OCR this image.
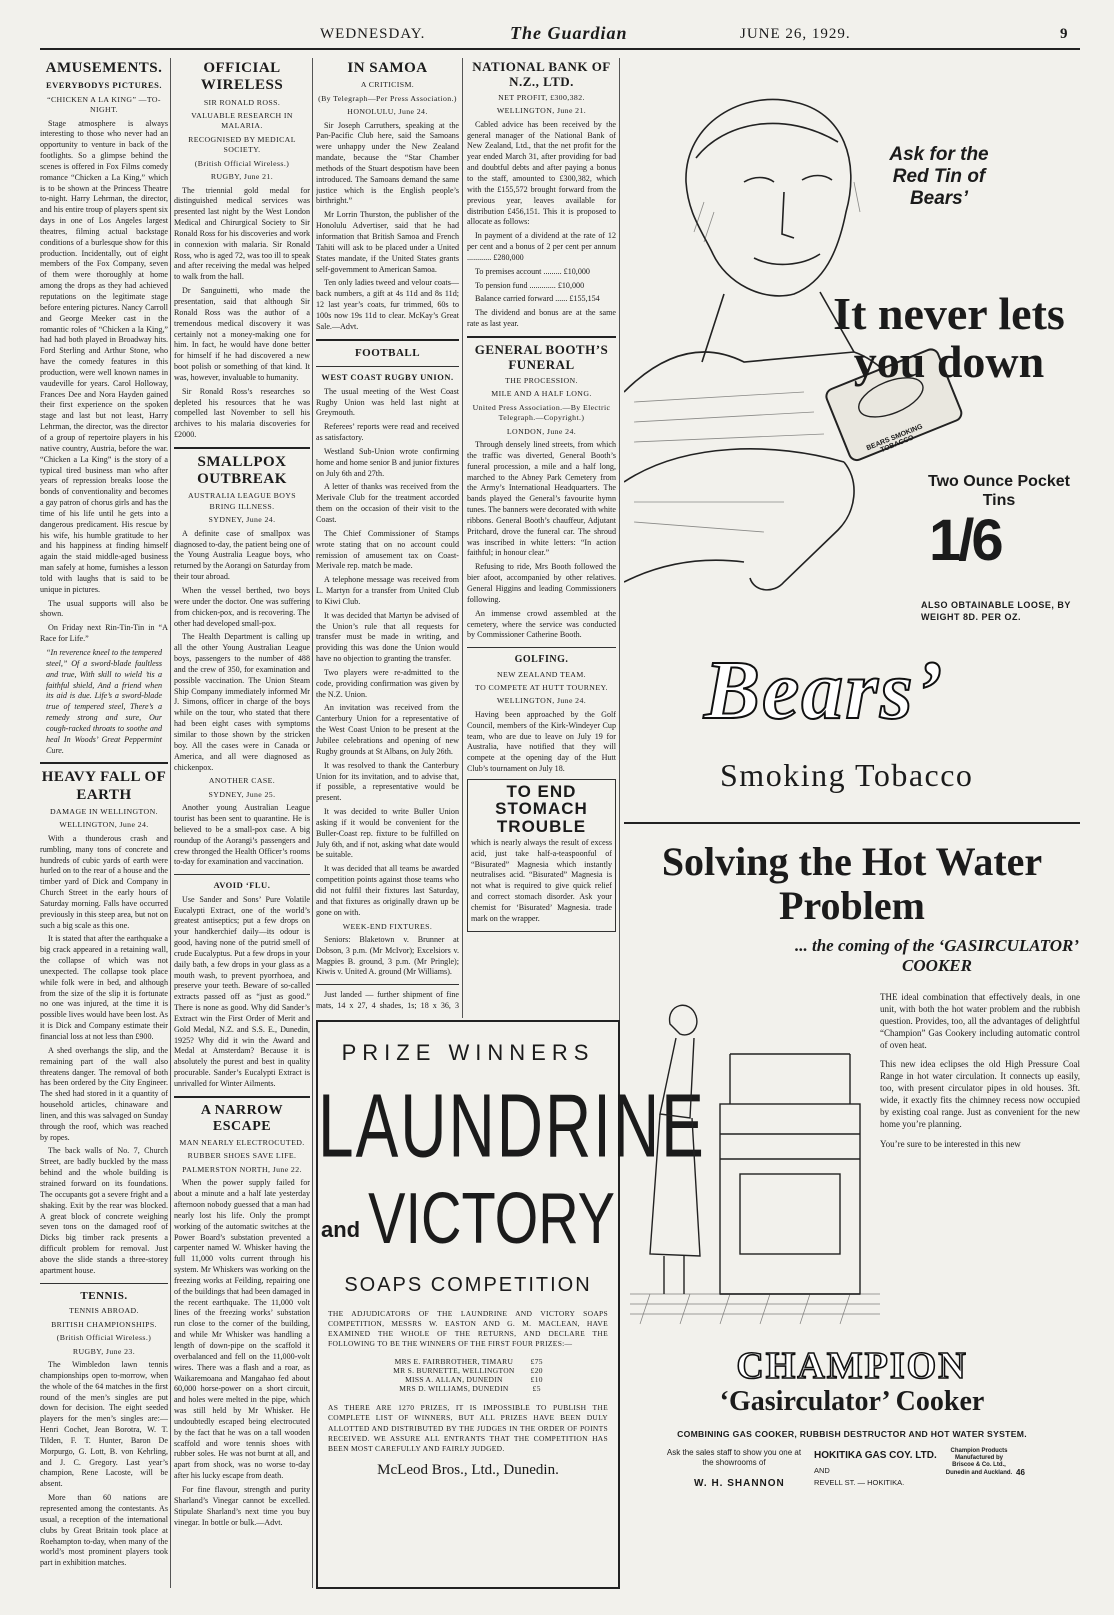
WEDNESDAY.	The Guardian	JUNE 26, 1929.	9
AMUSEMENTS.
EVERYBODYS PICTURES.
“CHICKEN A LA KING” —TO-NIGHT.

Stage atmosphere is always interesting to those who never had an opportunity to venture in back of the footlights. So a glimpse behind the scenes is offered in Fox Films comedy romance “Chicken a La King,” which is to be shown at the Princess Theatre to-night. Harry Lehrman, the director, and his entire troup of players spent six days in one of Los Angeles largest theatres, filming actual backstage conditions of a burlesque show for this production. Incidentally, out of eight members of the Fox Company, seven of them were thoroughly at home among the drops as they had achieved reputations on the legitimate stage before entering pictures. Nancy Carroll and George Meeker cast in the romantic roles of “Chicken a la King,” had had both played in Broadway hits. Ford Sterling and Arthur Stone, who have the comedy features in this production, were well known names in vaudeville for years. Carol Holloway, Frances Dee and Nora Hayden gained their first experience on the spoken stage and last but not least, Harry Lehrman, the director, was the director of a group of repertoire players in his native country, Austria, before the war. “Chicken a La King” is the story of a typical tired business man who after years of repression breaks loose the bonds of conventionality and becomes a gay patron of chorus girls and has the time of his life until he gets into a dangerous predicament. His rescue by his wife, his humble gratitude to her and his happiness at finding himself again the staid middle-aged business man safely at home, furnishes a lesson told with laughs that is said to be unique in pictures.

The usual supports will also be shown.

On Friday next Rin-Tin-Tin in “A Race for Life.”

“In reverence kneel to the tempered steel,” Of a sword-blade faultless and true, With skill to wield ’tis a faithful shield, And a friend when its aid is due. Life’s a sword-blade true of tempered steel, There’s a remedy strong and sure, Our cough-racked throats to soothe and heal In Woods’ Great Peppermint Cure.

HEAVY FALL OF EARTH
DAMAGE IN WELLINGTON.
WELLINGTON, June 24.

With a thunderous crash and rumbling, many tons of concrete and hundreds of cubic yards of earth were hurled on to the rear of a house and the timber yard of Dick and Company in Church Street in the early hours of Saturday morning. Falls have occurred previously in this steep area, but not on such a big scale as this one.

It is stated that after the earthquake a big crack appeared in a retaining wall, the collapse of which was not unexpected. The collapse took place while folk were in bed, and although from the size of the slip it is fortunate no one was injured, at the time it is possible lives would have been lost. As it is Dick and Company estimate their financial loss at not less than £900.

A shed overhangs the slip, and the remaining part of the wall also threatens danger. The removal of both has been ordered by the City Engineer. The shed had stored in it a quantity of household articles, chinaware and linen, and this was salvaged on Sunday through the roof, which was reached by ropes.

The back walls of No. 7, Church Street, are badly buckled by the mass behind and the whole building is strained forward on its foundations. The occupants got a severe fright and a shaking. Exit by the rear was blocked. A great block of concrete weighing seven tons on the damaged roof of Dicks big timber rack presents a difficult problem for removal. Just above the slide stands a three-storey apartment house.

TENNIS.
TENNIS ABROAD.
BRITISH CHAMPIONSHIPS.
(British Official Wireless.)
RUGBY, June 23.

The Wimbledon lawn tennis championships open to-morrow, when the whole of the 64 matches in the first round of the men’s singles are put down for decision. The eight seeded players for the men’s singles are:—Henri Cochet, Jean Borotra, W. T. Tilden, F. T. Hunter, Baron De Morpurgo, G. Lott, B. von Kehrling, and J. C. Gregory. Last year’s champion, Rene Lacoste, will be absent.

More than 60 nations are represented among the contestants. As usual, a reception of the international clubs by Great Britain took place at Roehampton to-day, when many of the world’s most prominent players took part in exhibition matches.

OFFICIAL WIRELESS
SIR RONALD ROSS.
VALUABLE RESEARCH IN MALARIA.
RECOGNISED BY MEDICAL SOCIETY.
(British Official Wireless.)
RUGBY, June 21.

The triennial gold medal for distinguished medical services was presented last night by the West London Medical and Chirurgical Society to Sir Ronald Ross for his discoveries and work in connexion with malaria. Sir Ronald Ross, who is aged 72, was too ill to speak and after receiving the medal was helped to walk from the hall.

Dr Sanguinetti, who made the presentation, said that although Sir Ronald Ross was the author of a tremendous medical discovery it was certainly not a money-making one for him. In fact, he would have done better for himself if he had discovered a new boot polish or something of that kind. It was, however, invaluable to humanity.

Sir Ronald Ross’s researches so depleted his resources that he was compelled last November to sell his archives to his malaria discoveries for £2000.

SMALLPOX OUTBREAK
AUSTRALIA LEAGUE BOYS BRING ILLNESS.
SYDNEY, June 24.

A definite case of smallpox was diagnosed to-day, the patient being one of the Young Australia League boys, who returned by the Aorangi on Saturday from their tour abroad.

When the vessel berthed, two boys were under the doctor. One was suffering from chicken-pox, and is recovering. The other had developed small-pox.

The Health Department is calling up all the other Young Australian League boys, passengers to the number of 488 and the crew of 350, for examination and possible vaccination. The Union Steam Ship Company immediately informed Mr J. Simons, officer in charge of the boys while on the tour, who stated that there had been eight cases with symptoms similar to those shown by the stricken boy. All the cases were in Canada or America, and all were diagnosed as chickenpox.

ANOTHER CASE.
SYDNEY, June 25.

Another young Australian League tourist has been sent to quarantine. He is believed to be a small-pox case. A big roundup of the Aorangi’s passengers and crew thronged the Health Officer’s rooms to-day for examination and vaccination.

AVOID ‘FLU.

Use Sander and Sons’ Pure Volatile Eucalypti Extract, one of the world’s greatest antiseptics; put a few drops on your handkerchief daily—its odour is good, having none of the putrid smell of crude Eucalyptus. Put a few drops in your daily bath, a few drops in your glass as a mouth wash, to prevent pyorrhoea, and preserve your teeth. Beware of so-called extracts passed off as “just as good.” There is none as good. Why did Sander’s Extract win the First Order of Merit and Gold Medal, N.Z. and S.S. E., Dunedin, 1925? Why did it win the Award and Medal at Amsterdam? Because it is absolutely the purest and best in quality procurable. Sander’s Eucalypti Extract is unrivalled for Winter Ailments.

A NARROW ESCAPE
MAN NEARLY ELECTROCUTED.
RUBBER SHOES SAVE LIFE.
PALMERSTON NORTH, June 22.

When the power supply failed for about a minute and a half late yesterday afternoon nobody guessed that a man had nearly lost his life. Only the prompt working of the automatic switches at the Power Board’s substation prevented a carpenter named W. Whisker having the full 11,000 volts current through his system. Mr Whiskers was working on the freezing works at Feilding, repairing one of the buildings that had been damaged in the recent earthquake. The 11,000 volt lines of the freezing works’ substation run close to the corner of the building, and while Mr Whisker was handling a length of down-pipe on the scaffold it overbalanced and fell on the 11,000-volt wires. There was a flash and a roar, as Waikaremoana and Mangahao fed about 60,000 horse-power on a short circuit, and holes were melted in the pipe, which was still held by Mr Whisker. He undoubtedly escaped being electrocuted by the fact that he was on a tall wooden scaffold and wore tennis shoes with rubber soles. He was not burnt at all, and apart from shock, was no worse to-day after his lucky escape from death.

For fine flavour, strength and purity Sharland’s Vinegar cannot be excelled. Stipulate Sharland’s next time you buy vinegar. In bottle or bulk.—Advt.

IN SAMOA
A CRITICISM.
(By Telegraph—Per Press Association.)
HONOLULU, June 24.

Sir Joseph Carruthers, speaking at the Pan-Pacific Club here, said the Samoans were unhappy under the New Zealand mandate, because the “Star Chamber methods of the Stuart despotism have been introduced. The Samoans demand the same justice which is the English people’s birthright.”

Mr Lorrin Thurston, the publisher of the Honolulu Advertiser, said that he had information that British Samoa and French Tahiti will ask to be placed under a United States mandate, if the United States grants self-government to American Samoa.

Ten only ladies tweed and velour coats—back numbers, a gift at 4s 11d and 8s 11d; 12 last year’s coats, fur trimmed, 60s to 100s now 19s 11d to clear. McKay’s Great Sale.—Advt.

FOOTBALL
WEST COAST RUGBY UNION.

The usual meeting of the West Coast Rugby Union was held last night at Greymouth.

Referees’ reports were read and received as satisfactory.

Westland Sub-Union wrote confirming home and home senior B and junior fixtures on July 6th and 27th.

A letter of thanks was received from the Merivale Club for the treatment accorded them on the occasion of their visit to the Coast.

The Chief Commissioner of Stamps wrote stating that on no account could remission of amusement tax on Coast-Merivale rep. match be made.

A telephone message was received from L. Martyn for a transfer from United Club to Kiwi Club.

It was decided that Martyn be advised of the Union’s rule that all requests for transfer must be made in writing, and providing this was done the Union would have no objection to granting the transfer.

Two players were re-admitted to the code, providing confirmation was given by the N.Z. Union.

An invitation was received from the Canterbury Union for a representative of the West Coast Union to be present at the Jubilee celebrations and opening of new Rugby grounds at St Albans, on July 26th.

It was resolved to thank the Canterbury Union for its invitation, and to advise that, if possible, a representative would be present.

It was decided to write Buller Union asking if it would be convenient for the Buller-Coast rep. fixture to be fulfilled on July 6th, and if not, asking what date would be suitable.

It was decided that all teams be awarded competition points against those teams who did not fulfil their fixtures last Saturday, and that fixtures as originally drawn up be gone on with.

WEEK-END FIXTURES.

Seniors: Blaketown v. Brunner at Dobson, 3 p.m. (Mr McIvor); Excelsiors v. Magpies B. ground, 3 p.m. (Mr Pringle); Kiwis v. United A. ground (Mr Williams).

Just landed — further shipment of fine mats, 14 x 27, 4 shades, 1s; 18 x 36, 3

NATIONAL BANK OF N.Z., LTD.
NET PROFIT, £300,382.
WELLINGTON, June 21.

Cabled advice has been received by the general manager of the National Bank of New Zealand, Ltd., that the net profit for the year ended March 31, after providing for bad and doubtful debts and after paying a bonus to the staff, amounted to £300,382, which with the £155,572 brought forward from the previous year, leaves available for distribution £456,151. This it is proposed to allocate as follows:

In payment of a dividend at the rate of 12 per cent and a bonus of 2 per cent per annum ............ £280,000

To premises account ......... £10,000

To pension fund ............. £10,000

Balance carried forward ...... £155,154

The dividend and bonus are at the same rate as last year.

GENERAL BOOTH’S FUNERAL
THE PROCESSION.
MILE AND A HALF LONG.
United Press Association.—By Electric Telegraph.—Copyright.)
LONDON, June 24.

Through densely lined streets, from which the traffic was diverted, General Booth’s funeral procession, a mile and a half long, marched to the Abney Park Cemetery from the Army’s International Headquarters. The bands played the General’s favourite hymn tunes. The banners were decorated with white ribbons. General Booth’s chauffeur, Adjutant Pritchard, drove the funeral car. The shroud was inscribed in white letters: “In action faithful; in honour clear.”

Refusing to ride, Mrs Booth followed the bier afoot, accompanied by other relatives. General Higgins and leading Commissioners following.

An immense crowd assembled at the cemetery, where the service was conducted by Commissioner Catherine Booth.

GOLFING.
NEW ZEALAND TEAM.
TO COMPETE AT HUTT TOURNEY.
WELLINGTON, June 24.

Having been approached by the Golf Council, members of the Kirk-Windeyer Cup team, who are due to leave on July 19 for Australia, have notified that they will compete at the opening day of the Hutt Club’s tournament on July 18.

TO END STOMACH TROUBLE

which is nearly always the result of excess acid, just take half-a-teaspoonful of “Bisurated” Magnesia which instantly neutralises acid. “Bisurated” Magnesia is not what is required to give quick relief and correct stomach disorder. Ask your chemist for ‘Bisurated’ Magnesia. trade mark on the wrapper.

PRIZE WINNERS
LAUNDRINE
and VICTORY
SOAPS COMPETITION
THE ADJUDICATORS OF THE LAUNDRINE AND VICTORY SOAPS COMPETITION, MESSRS W. EASTON AND G. M. MACLEAN, HAVE EXAMINED THE WHOLE OF THE RETURNS, AND DECLARE THE FOLLOWING TO BE THE WINNERS OF THE FIRST FOUR PRIZES:—
MRS E. FAIRBROTHER, TIMARU	£75
MR S. BURNETTE, WELLINGTON	£20
MISS A. ALLAN, DUNEDIN	£10
MRS D. WILLIAMS, DUNEDIN	£5
AS THERE ARE 1270 PRIZES, IT IS IMPOSSIBLE TO PUBLISH THE COMPLETE LIST OF WINNERS, BUT ALL PRIZES HAVE BEEN DULY ALLOTTED AND DISTRIBUTED BY THE JUDGES IN THE ORDER OF POINTS RECEIVED. WE ASSURE ALL ENTRANTS THAT THE COMPETITION HAS BEEN MOST CAREFULLY AND FAIRLY JUDGED.
McLeod Bros., Ltd., Dunedin.
BEARS SMOKING TOBACCO
Ask for the Red Tin of Bears’
It never lets you down
Two Ounce Pocket Tins
1/6
ALSO OBTAINABLE LOOSE, BY WEIGHT 8D. PER OZ.
Bears’
Smoking Tobacco
Solving the Hot Water Problem
... the coming of the ‘GASIRCULATOR’ COOKER

THE ideal combination that effectively deals, in one unit, with both the hot water problem and the rubbish question. Provides, too, all the advantages of delightful “Champion” Gas Cookery including automatic control of oven heat.

This new idea eclipses the old High Pressure Coal Range in hot water circulation. It connects up easily, too, with present circulator pipes in old houses. 3ft. wide, it exactly fits the chimney recess now occupied by existing coal range. Just as convenient for the new home you’re planning.

You’re sure to be interested in this new

CHAMPION
‘Gasirculator’ Cooker
COMBINING GAS COOKER, RUBBISH DESTRUCTOR AND HOT WATER SYSTEM.
Ask the sales staff to show you one at the showrooms of
HOKITIKA GAS COY. LTD.
AND
W. H. SHANNON	REVELL ST. — HOKITIKA.
Champion Products Manufactured by Briscoe & Co. Ltd., Dunedin and Auckland. 46
